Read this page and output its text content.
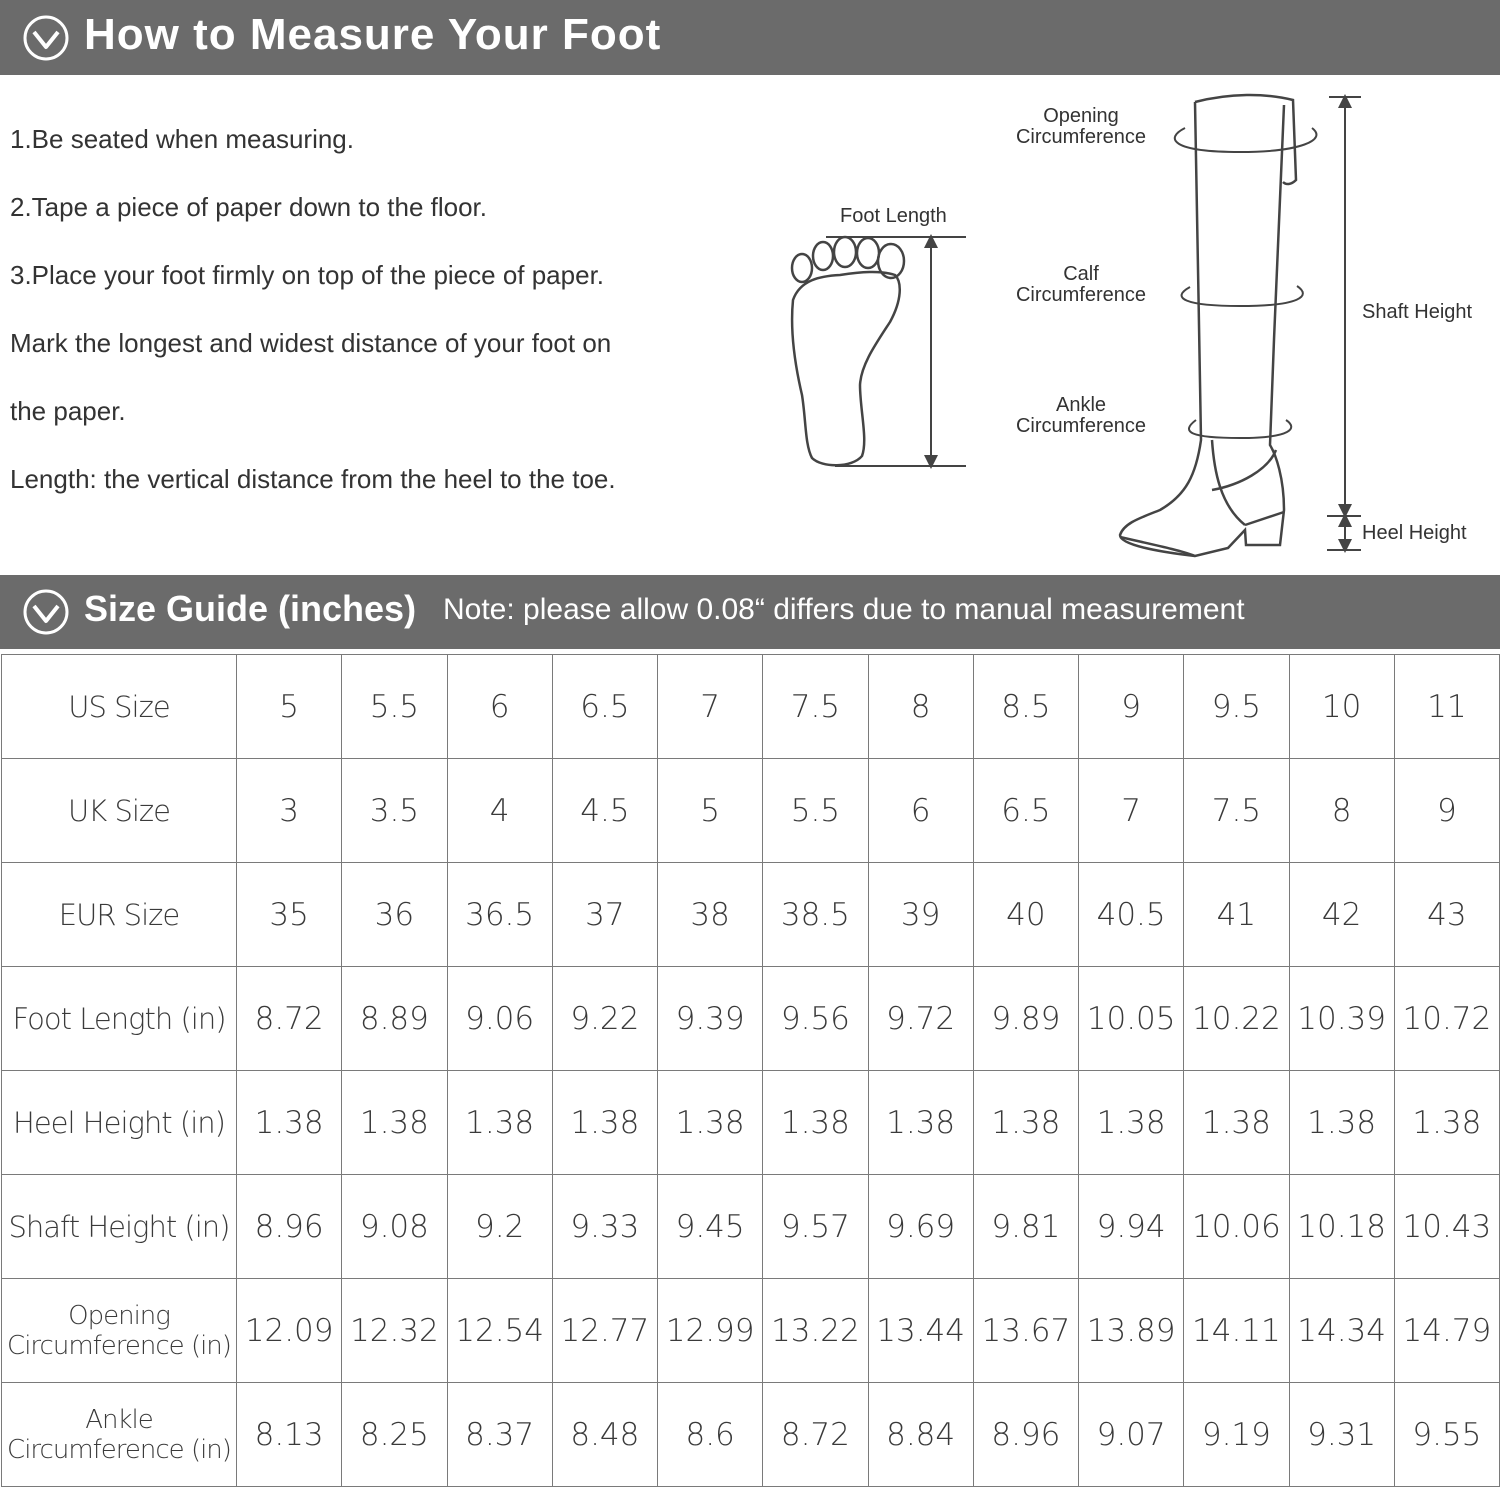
How to Measure Your Foot
1.Be seated when measuring.
2.Tape a piece of paper down to the floor.
3.Place your foot firmly on top of the piece of paper.
Mark the longest and widest distance of your foot on
the paper.
Length: the vertical distance from the heel to the toe.
Foot Length
Opening
Circumference
Calf
Circumference
Ankle
Circumference
Shaft Height
Heel Height
Size Guide (inches) Note: please allow 0.08“ differs due to manual measurement
US Size	5	5.5	6	6.5	7	7.5	8	8.5	9	9.5	10	11
UK Size	3	3.5	4	4.5	5	5.5	6	6.5	7	7.5	8	9
EUR Size	35	36	36.5	37	38	38.5	39	40	40.5	41	42	43
Foot Length (in)	8.72	8.89	9.06	9.22	9.39	9.56	9.72	9.89	10.05	10.22	10.39	10.72
Heel Height (in)	1.38	1.38	1.38	1.38	1.38	1.38	1.38	1.38	1.38	1.38	1.38	1.38
Shaft Height (in)	8.96	9.08	9.2	9.33	9.45	9.57	9.69	9.81	9.94	10.06	10.18	10.43

Opening
Circumference (in)	12.09	12.32	12.54	12.77	12.99	13.22	13.44	13.67	13.89	14.11	14.34	14.79

Ankle
Circumference (in)	8.13	8.25	8.37	8.48	8.6	8.72	8.84	8.96	9.07	9.19	9.31	9.55
